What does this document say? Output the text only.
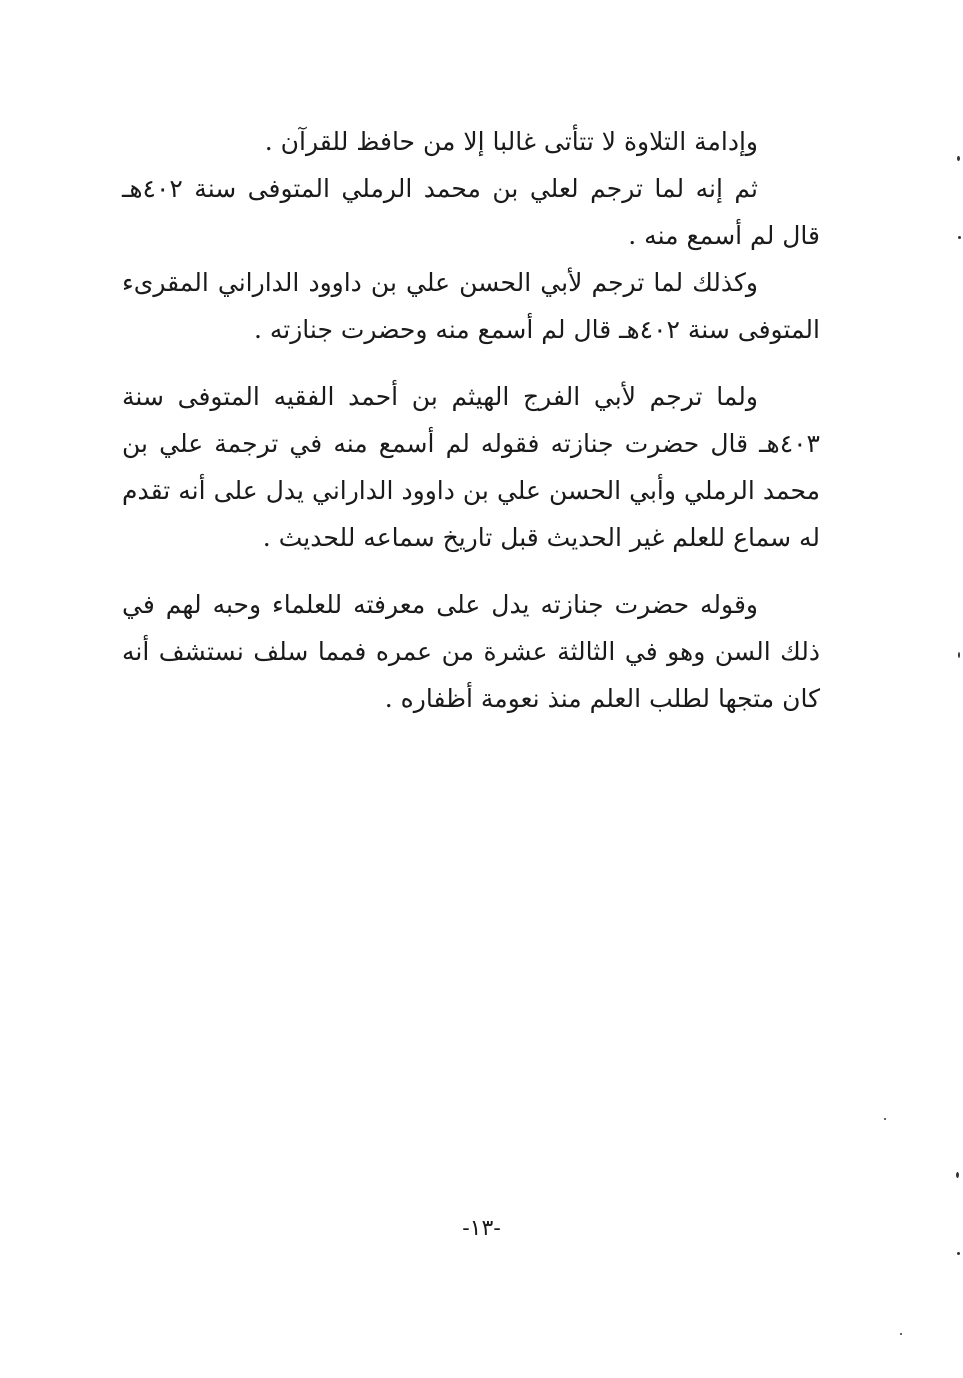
وإدامة التلاوة لا تتأتى غالبا إلا من حافظ للقرآن .

ثم إنه لما ترجم لعلي بن محمد الرملي المتوفى سنة ٤٠٢هـ قال لم أسمع منه .

وكذلك لما ترجم لأبي الحسن علي بن داوود الداراني المقرىء المتوفى سنة ٤٠٢هـ قال لم أسمع منه وحضرت جنازته .

ولما ترجم لأبي الفرج الهيثم بن أحمد الفقيه المتوفى سنة ٤٠٣هـ قال حضرت جنازته فقوله لم أسمع منه في ترجمة علي بن محمد الرملي وأبي الحسن علي بن داوود الداراني يدل على أنه تقدم له سماع للعلم غير الحديث قبل تاريخ سماعه للحديث .

وقوله حضرت جنازته يدل على معرفته للعلماء وحبه لهم في ذلك السن وهو في الثالثة عشرة من عمره فمما سلف نستشف أنه كان متجها لطلب العلم منذ نعومة أظفاره .

-١٣-
